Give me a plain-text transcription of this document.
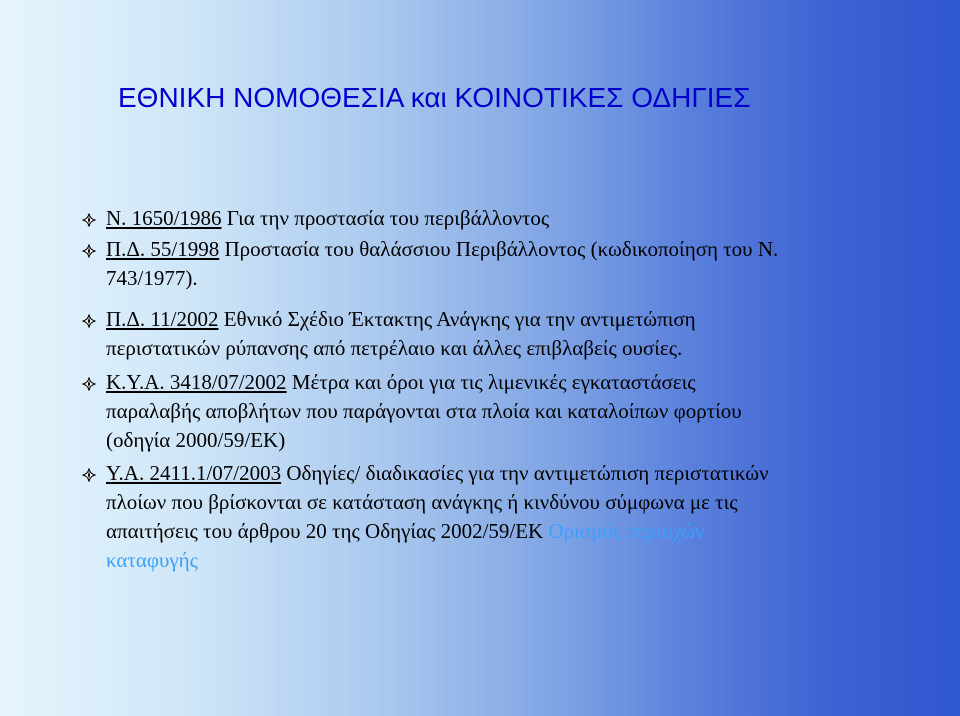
ΕΘΝΙΚΗ ΝΟΜΟΘΕΣΙΑ και ΚΟΙΝΟΤΙΚΕΣ ΟΔΗΓΙΕΣ

Ν. 1650/1986 Για την προστασία του περιβάλλοντος

Π.Δ. 55/1998 Προστασία του θαλάσσιου Περιβάλλοντος (κωδικοποίηση του Ν.

743/1977).

Π.Δ. 11/2002 Εθνικό Σχέδιο Έκτακτης Ανάγκης για την αντιμετώπιση

περιστατικών ρύπανσης από πετρέλαιο και άλλες επιβλαβείς ουσίες.

Κ.Υ.Α. 3418/07/2002 Μέτρα και όροι για τις λιμενικές εγκαταστάσεις

παραλαβής αποβλήτων που παράγονται στα πλοία και καταλοίπων φορτίου

(οδηγία 2000/59/ΕΚ)

Υ.Α. 2411.1/07/2003 Οδηγίες/ διαδικασίες για την αντιμετώπιση περιστατικών

πλοίων που βρίσκονται σε κατάσταση ανάγκης ή κινδύνου σύμφωνα με τις

απαιτήσεις του άρθρου 20 της Οδηγίας 2002/59/ΕΚ Ορισμός περιοχών

καταφυγής
